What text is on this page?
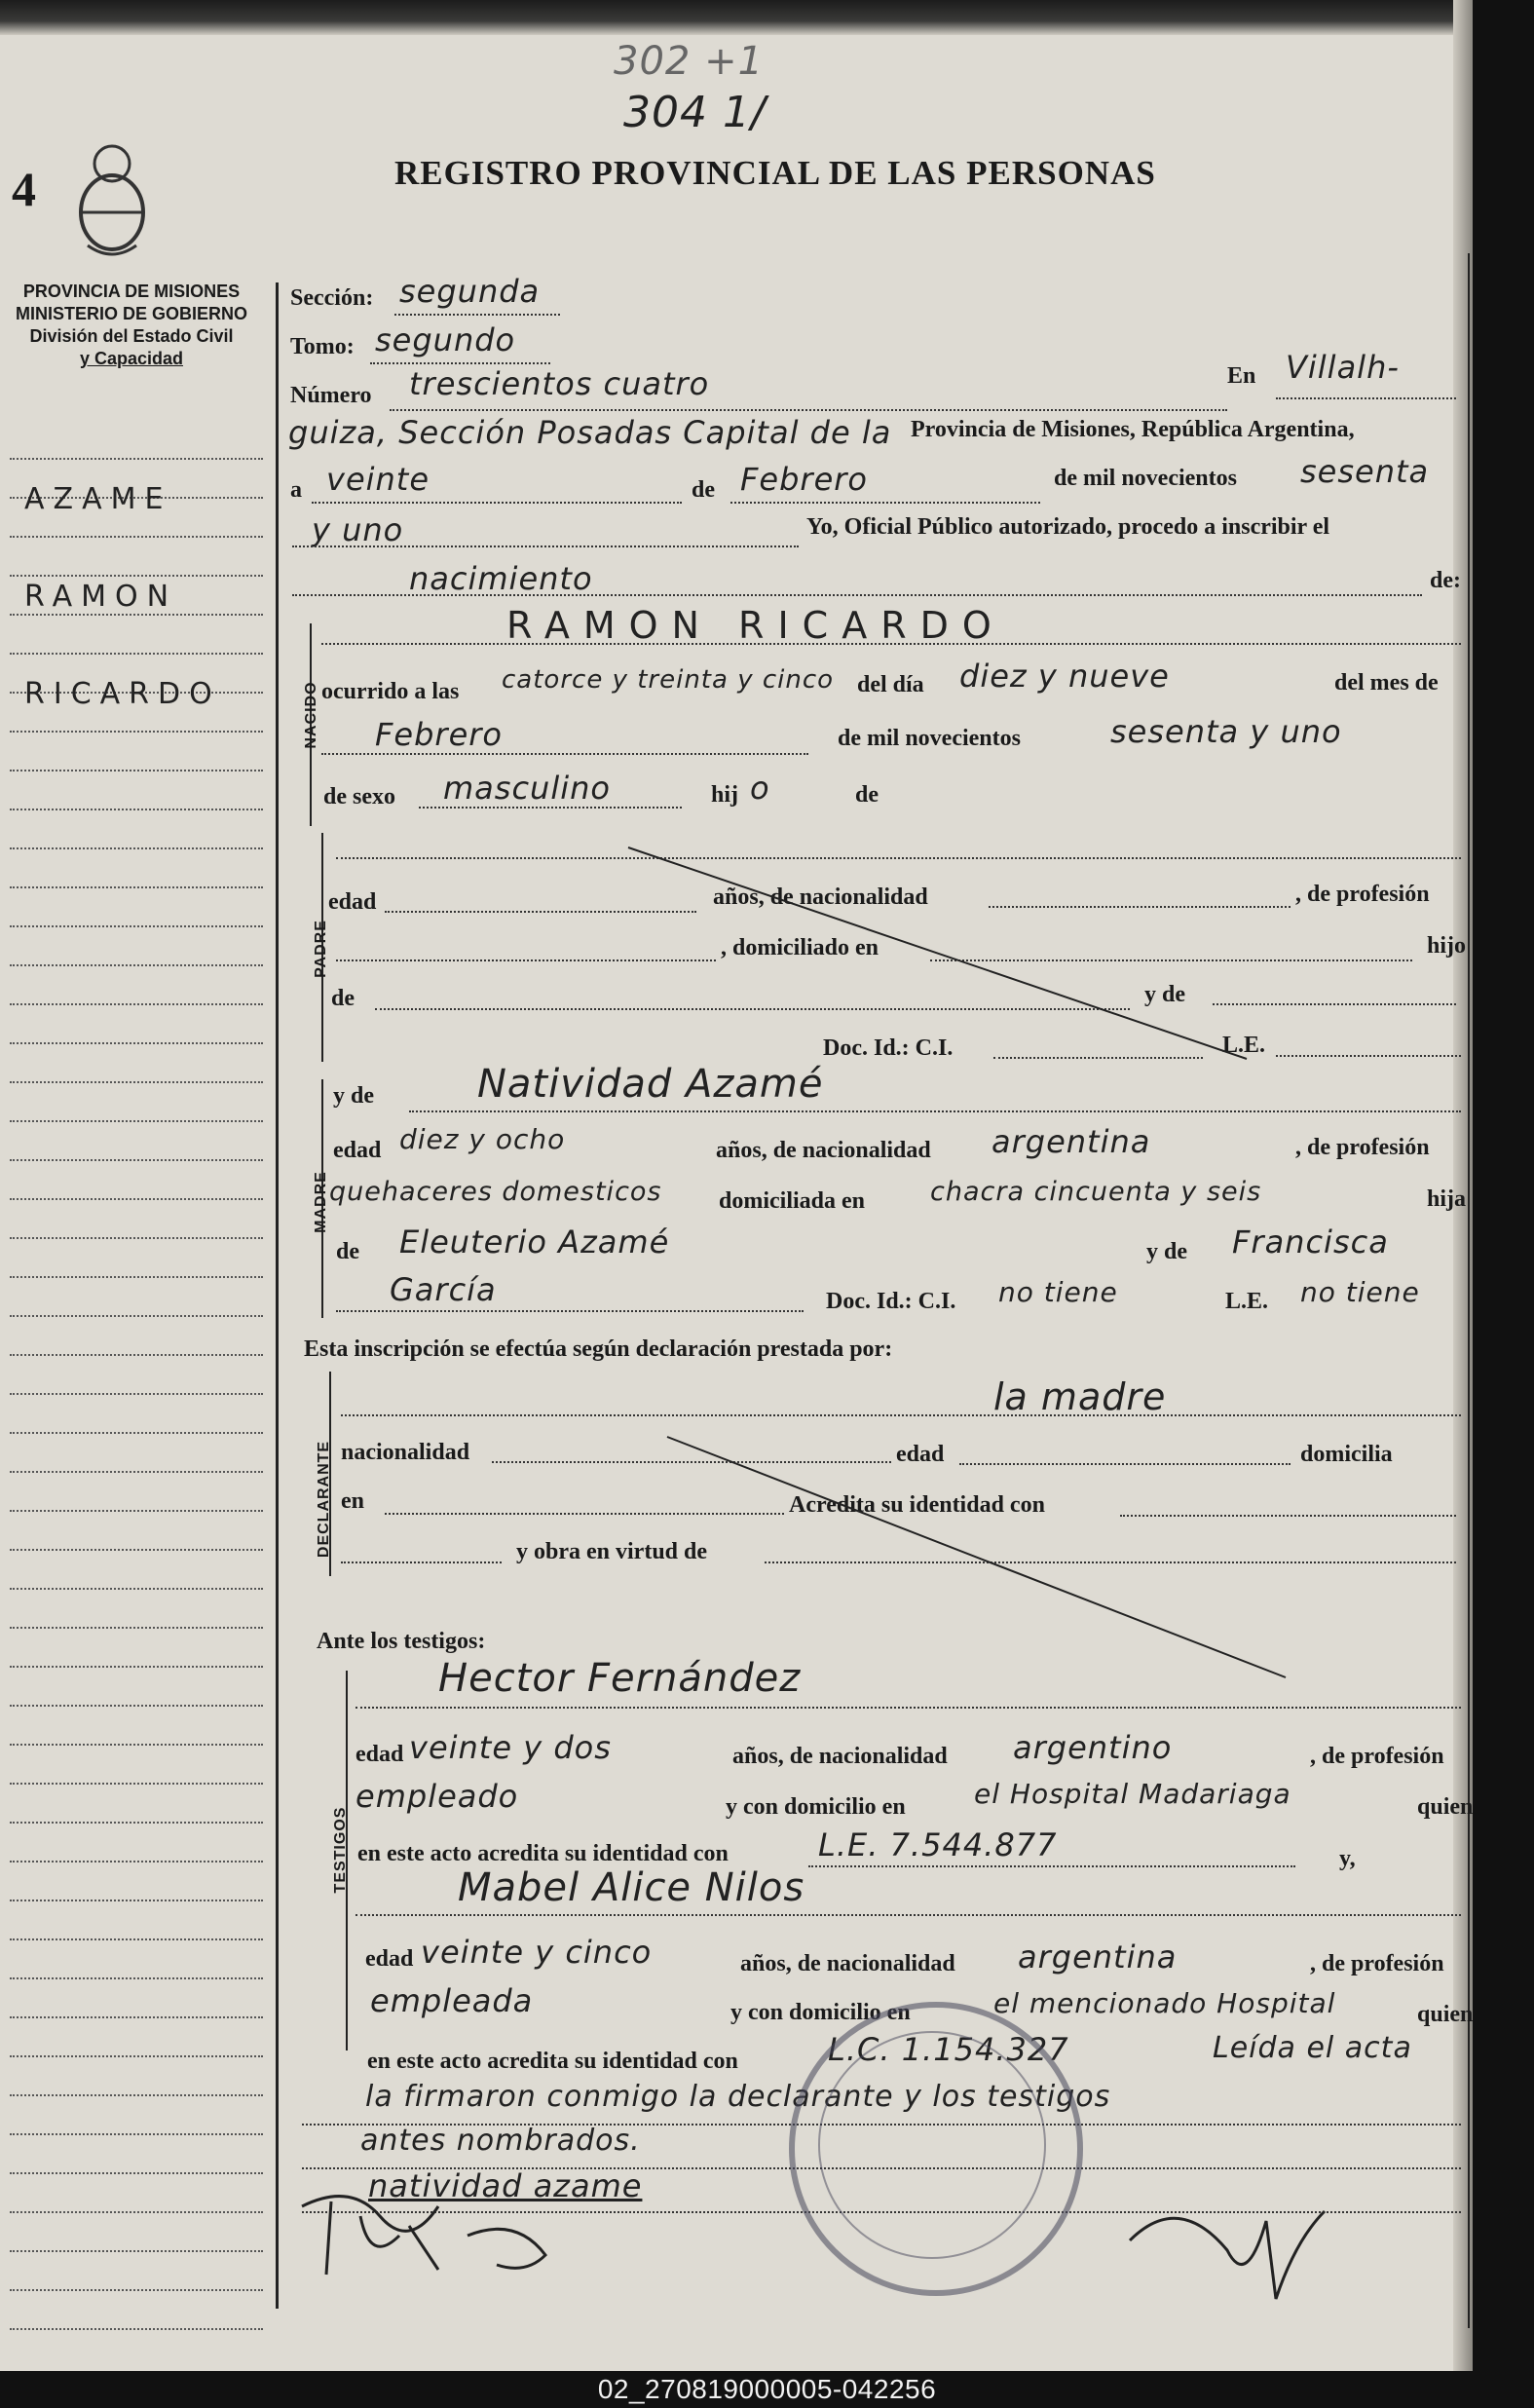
302 +1
304 1/
4	REGISTRO PROVINCIAL DE LAS PERSONAS
PROVINCIA DE MISIONES
MINISTERIO DE GOBIERNO
División del Estado Civil
y Capacidad
AZAME
RAMON
RICARDO
Sección: segunda
Tomo: segundo
Número trescientos cuatro	En Villalh-
guiza, Sección Posadas Capital de la Provincia de Misiones, República Argentina,
a veinte	de Febrero	de mil novecientos sesenta
y uno	Yo, Oficial Público autorizado, procedo a inscribir el
nacimiento	de:
NACIDO
RAMON RICARDO
ocurrido a las catorce y treinta y cinco del día diez y nueve	del mes de
Febrero	de mil novecientos	sesenta y uno
de sexo masculino	hij o	de
PADRE
edad	años, de nacionalidad	, de profesión
, domiciliado en	hijo
de	y de
Doc. Id.: C.I.	L.E.
MADRE
y de	Natividad Azamé
edad diez y ocho	años, de nacionalidad argentina	, de profesión
quehaceres domesticos domiciliada en chacra cincuenta y seis	hija
de Eleuterio Azamé	y de Francisca
García	Doc. Id.: C.I. no tiene	L.E. no tiene
Esta inscripción se efectúa según declaración prestada por:
DECLARANTE
la madre
nacionalidad	edad	domicilia
en	Acredita su identidad con
y obra en virtud de
Ante los testigos:
TESTIGOS
Hector Fernández
edad veinte y dos	años, de nacionalidad argentino	, de profesión
empleado	y con domicilio en	el Hospital Madariaga	quien
en este acto acredita su identidad con	L.E. 7.544.877	y,
Mabel Alice Nilos
edad veinte y cinco	años, de nacionalidad argentina	, de profesión
empleada	y con domicilio en	el mencionado Hospital	quien
en este acto acredita su identidad con	L.C. 1.154.327	Leída el acta
la firmaron conmigo la declarante y los testigos
antes nombrados.
natividad azame
02_270819000005-042256
